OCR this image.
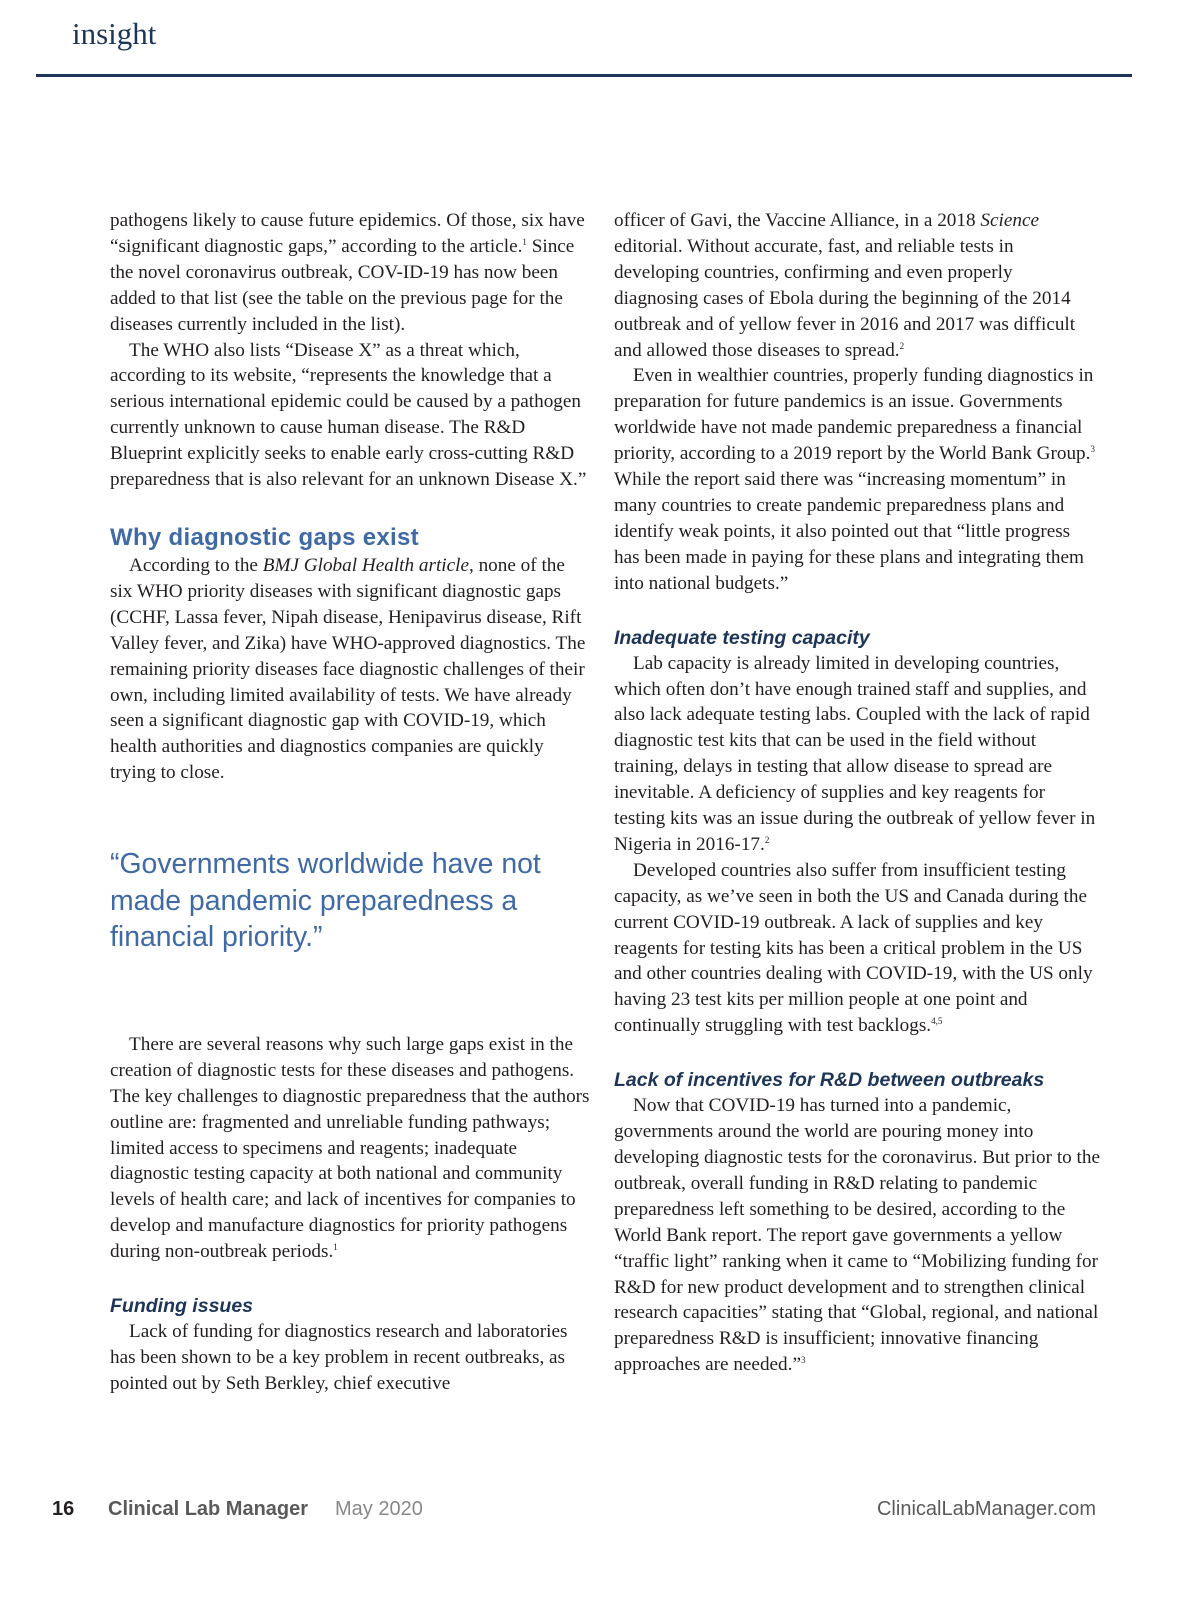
insight

pathogens likely to cause future epidemics. Of those, six have “significant diagnostic gaps,” according to the article.$^1$ Since the novel coronavirus outbreak, COV-ID-19 has now been added to that list (see the table on the previous page for the diseases currently included in the list).

The WHO also lists “Disease X” as a threat which, according to its website, “represents the knowledge that a serious international epidemic could be caused by a pathogen currently unknown to cause human disease. The R&D Blueprint explicitly seeks to enable early cross-cutting R&D preparedness that is also relevant for an unknown Disease X.”

Why diagnostic gaps exist

According to the BMJ Global Health article, none of the six WHO priority diseases with significant diagnostic gaps (CCHF, Lassa fever, Nipah disease, Henipavirus disease, Rift Valley fever, and Zika) have WHO-approved diagnostics. The remaining priority diseases face diagnostic challenges of their own, including limited availability of tests. We have already seen a significant diagnostic gap with COVID-19, which health authorities and diagnostics companies are quickly trying to close.

“Governments worldwide have not made pandemic preparedness a financial priority.”

There are several reasons why such large gaps exist in the creation of diagnostic tests for these diseases and pathogens. The key challenges to diagnostic preparedness that the authors outline are: fragmented and unreliable funding pathways; limited access to specimens and reagents; inadequate diagnostic testing capacity at both national and community levels of health care; and lack of incentives for companies to develop and manufacture diagnostics for priority pathogens during non-outbreak periods.$^1$

Funding issues

Lack of funding for diagnostics research and laboratories has been shown to be a key problem in recent outbreaks, as pointed out by Seth Berkley, chief executive

officer of Gavi, the Vaccine Alliance, in a 2018 Science editorial. Without accurate, fast, and reliable tests in developing countries, confirming and even properly diagnosing cases of Ebola during the beginning of the 2014 outbreak and of yellow fever in 2016 and 2017 was difficult and allowed those diseases to spread.$^2$

Even in wealthier countries, properly funding diagnostics in preparation for future pandemics is an issue. Governments worldwide have not made pandemic preparedness a financial priority, according to a 2019 report by the World Bank Group.$^3$ While the report said there was “increasing momentum” in many countries to create pandemic preparedness plans and identify weak points, it also pointed out that “little progress has been made in paying for these plans and integrating them into national budgets.”

Inadequate testing capacity

Lab capacity is already limited in developing countries, which often don’t have enough trained staff and supplies, and also lack adequate testing labs. Coupled with the lack of rapid diagnostic test kits that can be used in the field without training, delays in testing that allow disease to spread are inevitable. A deficiency of supplies and key reagents for testing kits was an issue during the outbreak of yellow fever in Nigeria in 2016-17.$^2$

Developed countries also suffer from insufficient testing capacity, as we’ve seen in both the US and Canada during the current COVID-19 outbreak. A lack of supplies and key reagents for testing kits has been a critical problem in the US and other countries dealing with COVID-19, with the US only having 23 test kits per million people at one point and continually struggling with test backlogs.$^{4,5}$

Lack of incentives for R&D between outbreaks

Now that COVID-19 has turned into a pandemic, governments around the world are pouring money into developing diagnostic tests for the coronavirus. But prior to the outbreak, overall funding in R&D relating to pandemic preparedness left something to be desired, according to the World Bank report. The report gave governments a yellow “traffic light” ranking when it came to “Mobilizing funding for R&D for new product development and to strengthen clinical research capacities” stating that “Global, regional, and national preparedness R&D is insufficient; innovative financing approaches are needed.”$^3$

16 Clinical Lab Manager May 2020	ClinicalLabManager.com
